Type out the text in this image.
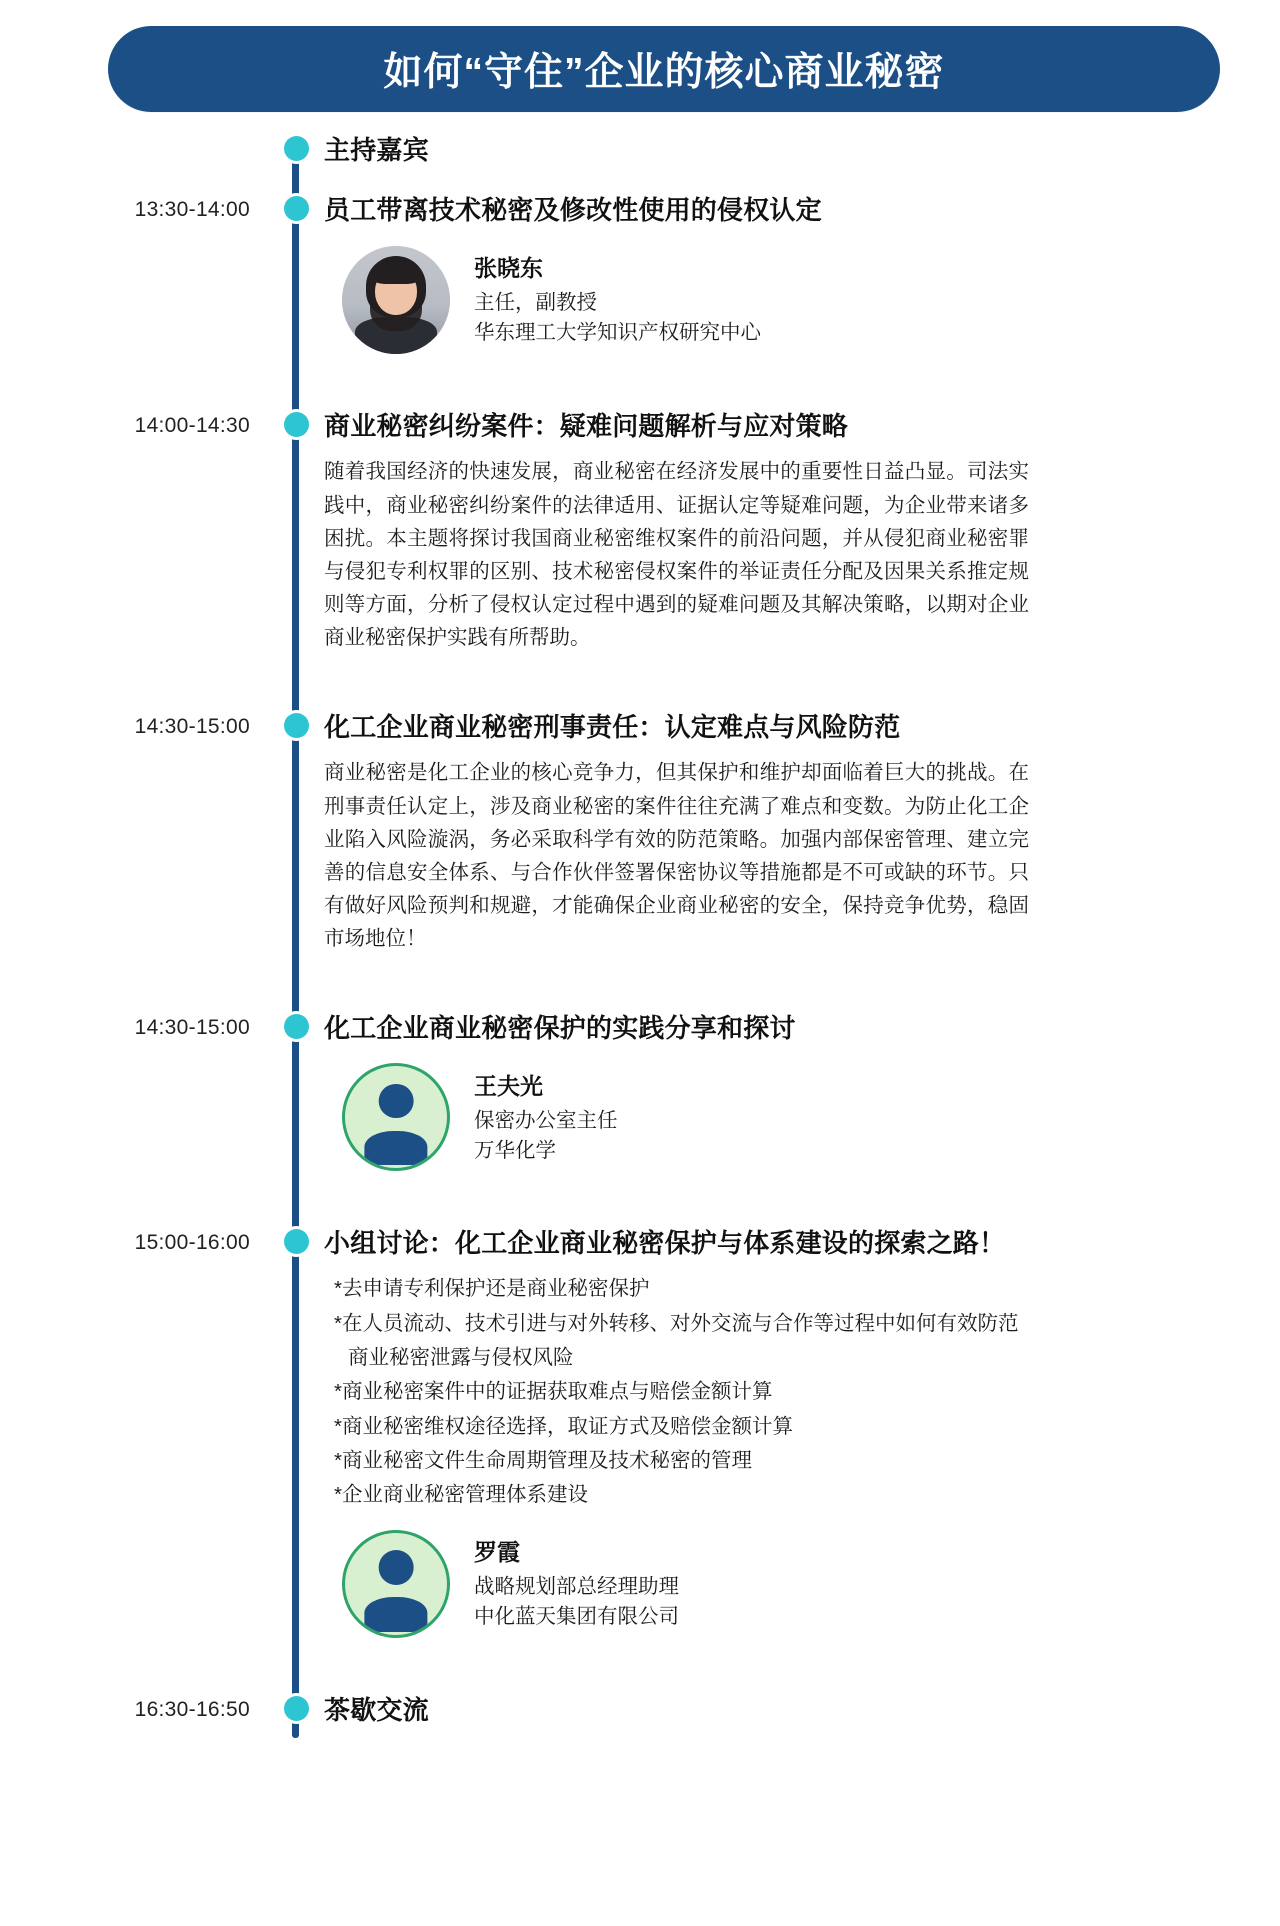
如何“守住”企业的核心商业秘密
主持嘉宾
13:30-14:00	员工带离技术秘密及修改性使用的侵权认定
张晓东
主任，副教授
华东理工大学知识产权研究中心
14:00-14:30	商业秘密纠纷案件：疑难问题解析与应对策略
随着我国经济的快速发展，商业秘密在经济发展中的重要性日益凸显。司法实践中，商业秘密纠纷案件的法律适用、证据认定等疑难问题，为企业带来诸多困扰。本主题将探讨我国商业秘密维权案件的前沿问题，并从侵犯商业秘密罪与侵犯专利权罪的区别、技术秘密侵权案件的举证责任分配及因果关系推定规则等方面，分析了侵权认定过程中遇到的疑难问题及其解决策略，以期对企业商业秘密保护实践有所帮助。
14:30-15:00	化工企业商业秘密刑事责任：认定难点与风险防范
商业秘密是化工企业的核心竞争力，但其保护和维护却面临着巨大的挑战。在刑事责任认定上，涉及商业秘密的案件往往充满了难点和变数。为防止化工企业陷入风险漩涡，务必采取科学有效的防范策略。加强内部保密管理、建立完善的信息安全体系、与合作伙伴签署保密协议等措施都是不可或缺的环节。只有做好风险预判和规避，才能确保企业商业秘密的安全，保持竞争优势，稳固市场地位！
14:30-15:00	化工企业商业秘密保护的实践分享和探讨
王夫光
保密办公室主任
万华化学
15:00-16:00	小组讨论：化工企业商业秘密保护与体系建设的探索之路！
*去申请专利保护还是商业秘密保护
*在人员流动、技术引进与对外转移、对外交流与合作等过程中如何有效防范
商业秘密泄露与侵权风险
*商业秘密案件中的证据获取难点与赔偿金额计算
*商业秘密维权途径选择，取证方式及赔偿金额计算
*商业秘密文件生命周期管理及技术秘密的管理
*企业商业秘密管理体系建设
罗霞
战略规划部总经理助理
中化蓝天集团有限公司
16:30-16:50	茶歇交流
